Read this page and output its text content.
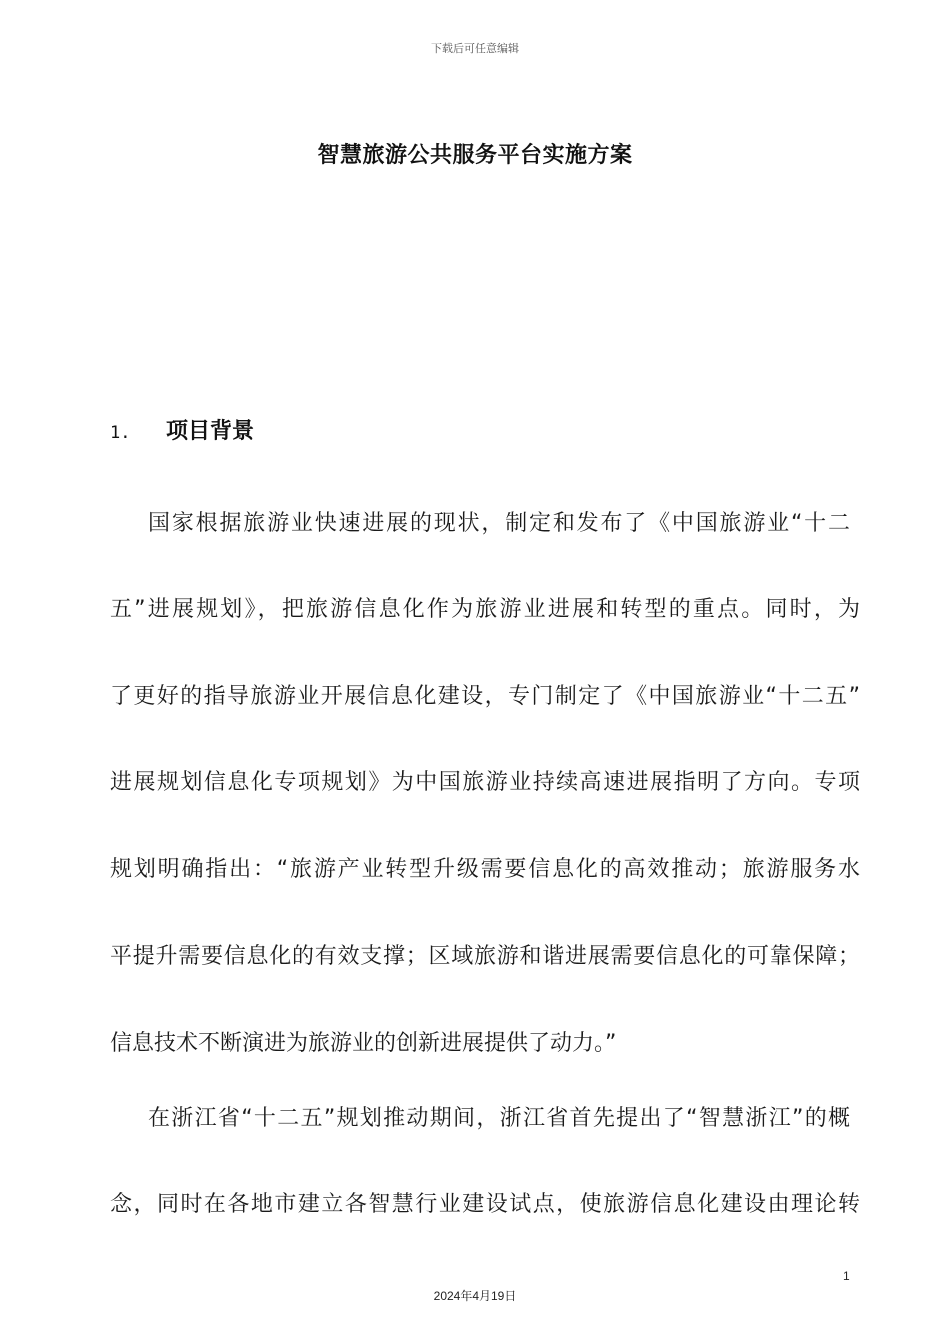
下载后可任意编辑
智慧旅游公共服务平台实施方案
1.	项目背景
国家根据旅游业快速进展的现状，制定和发布了《中国旅游业“十二
五”进展规划》，把旅游信息化作为旅游业进展和转型的重点。同时，为
了更好的指导旅游业开展信息化建设，专门制定了《中国旅游业“十二五”
进展规划信息化专项规划》为中国旅游业持续高速进展指明了方向。专项
规划明确指出：“旅游产业转型升级需要信息化的高效推动；旅游服务水
平提升需要信息化的有效支撑；区域旅游和谐进展需要信息化的可靠保障；
信息技术不断演进为旅游业的创新进展提供了动力。”
在浙江省“十二五”规划推动期间，浙江省首先提出了“智慧浙江”的概
念，同时在各地市建立各智慧行业建设试点，使旅游信息化建设由理论转
1
2024年4月19日
